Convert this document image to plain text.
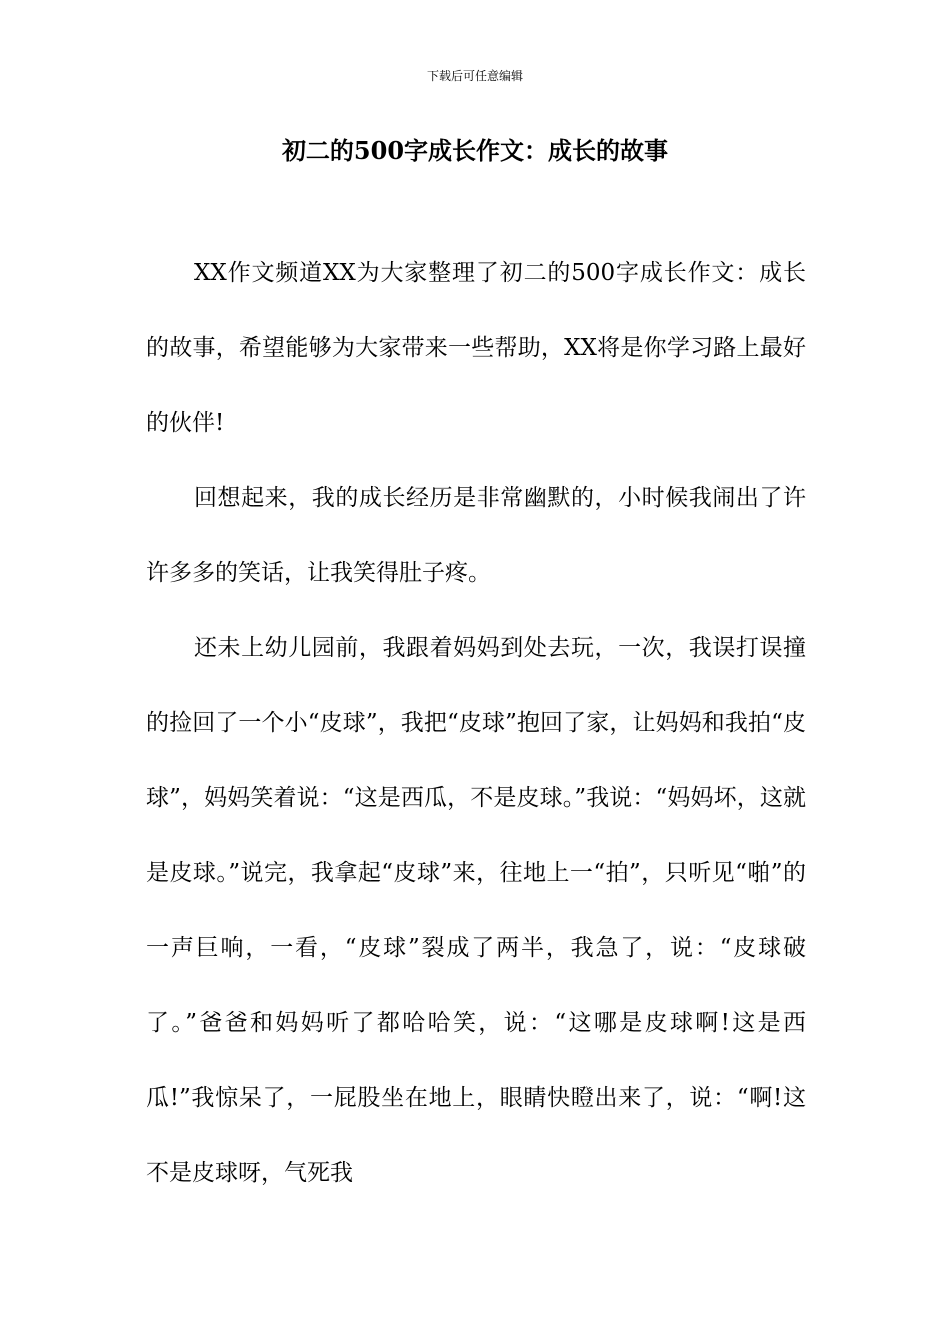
下载后可任意编辑
初二的500字成长作文：成长的故事

XX作文频道XX为大家整理了初二的500字成长作文：成长的故事，希望能够为大家带来一些帮助，XX将是你学习路上最好的伙伴!

回想起来，我的成长经历是非常幽默的，小时候我闹出了许许多多的笑话，让我笑得肚子疼。

还未上幼儿园前，我跟着妈妈到处去玩，一次，我误打误撞的捡回了一个小“皮球”，我把“皮球”抱回了家，让妈妈和我拍“皮球”，妈妈笑着说：“这是西瓜，不是皮球。”我说：“妈妈坏，这就是皮球。”说完，我拿起“皮球”来，往地上一“拍”，只听见“啪”的一声巨响，一看，“皮球”裂成了两半，我急了，说：“皮球破了。”爸爸和妈妈听了都哈哈笑，说：“这哪是皮球啊!这是西瓜!”我惊呆了，一屁股坐在地上，眼睛快瞪出来了，说：“啊!这不是皮球呀，气死我
